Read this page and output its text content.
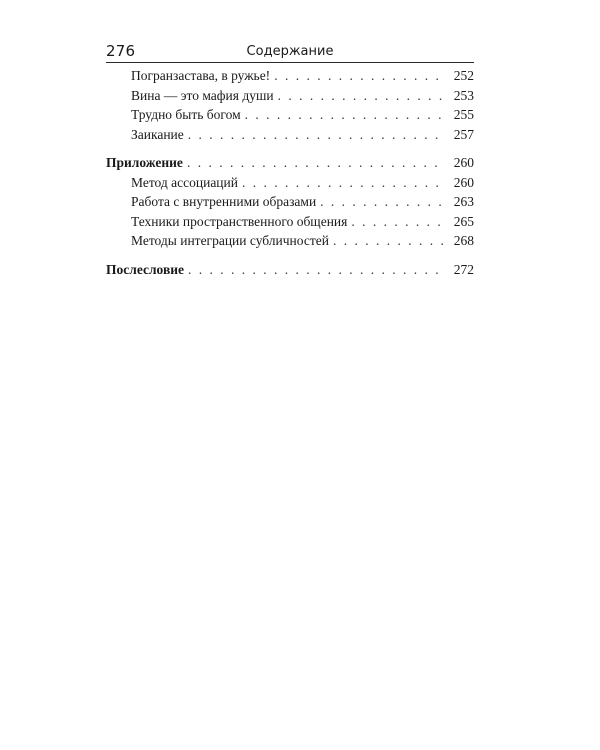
276	Содержание
Погранзастава, в ружье! . . .	252
Вина — это мафия души . . .	253
Трудно быть богом . . .	255
Заикание . . .	257
Приложение . . .	260
Метод ассоциаций . . .	260
Работа с внутренними образами . . .	263
Техники пространственного общения . . .	265
Методы интеграции субличностей . . .	268
Послесловие . . .	272
